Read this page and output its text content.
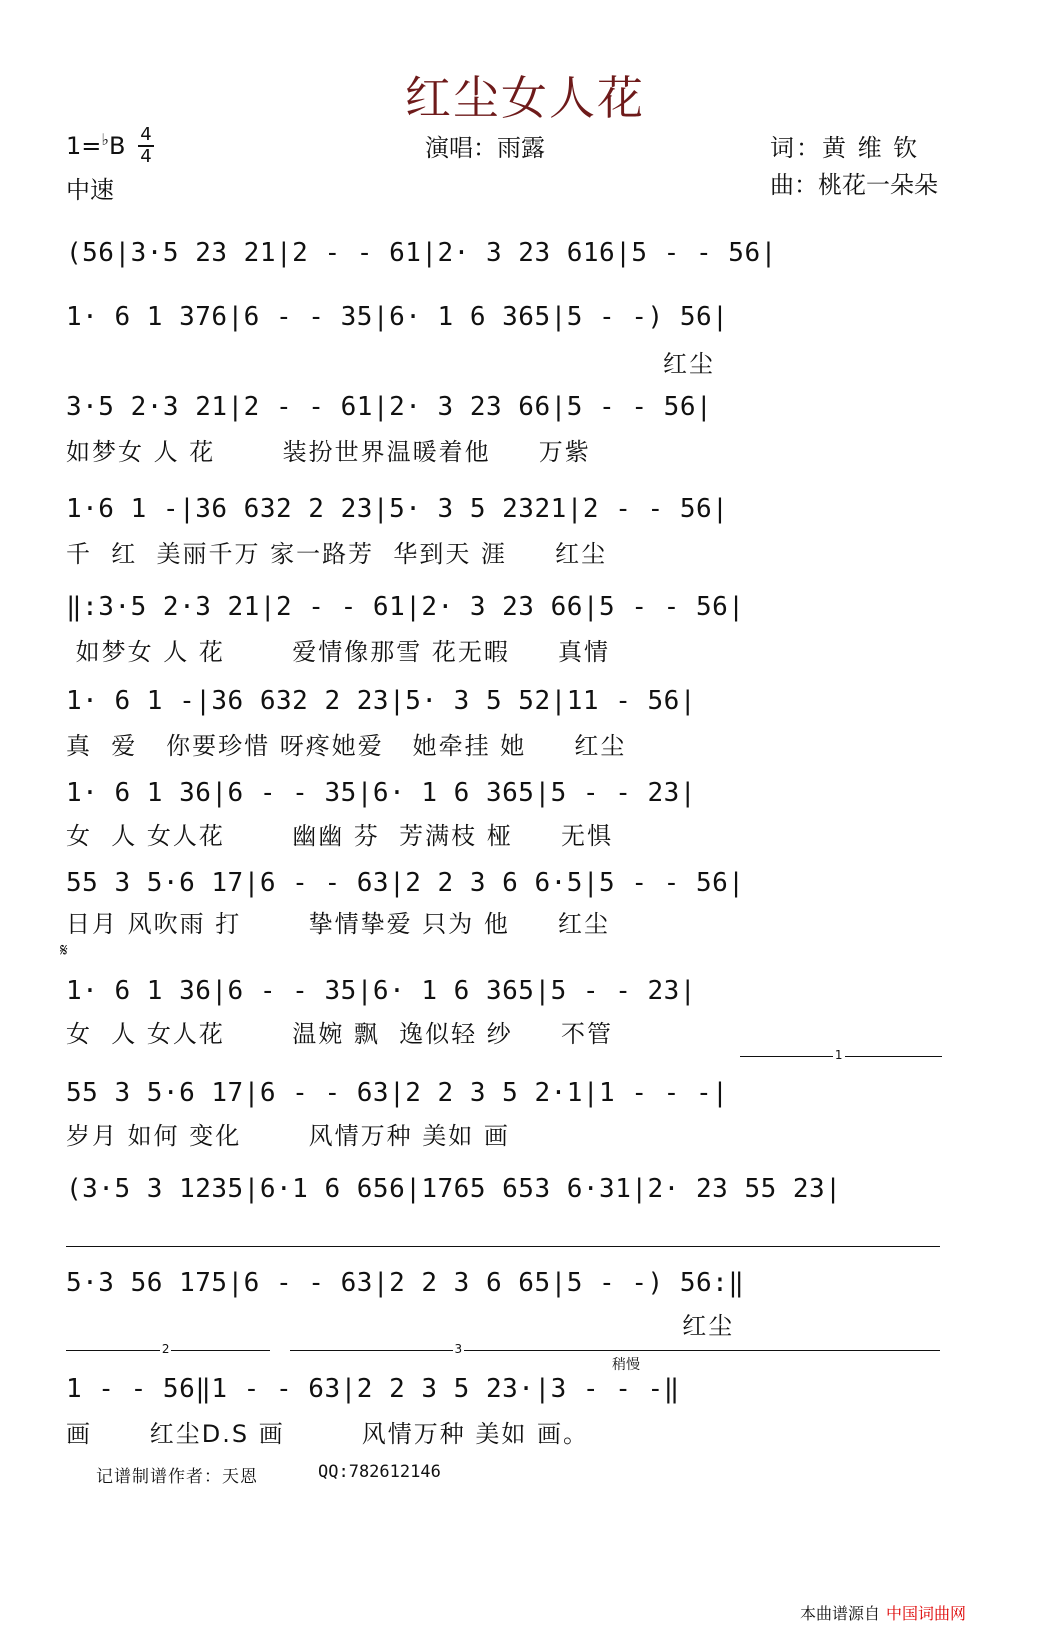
红尘女人花
1=♭B 4
4
中速
演唱：雨露	词：黄 维 钦
曲：桃花一朵朵
(56|3·5 23 21|2 - - 61|2· 3 23 616|5 - - 56|
1· 6 1 376|6 - - 35|6· 1 6 365|5 - -) 56|
红尘
3·5 2·3 21|2 - - 61|2· 3 23 66|5 - - 56|
如梦女 人 花       装扮世界温暖着他     万紫
1·6 1 -|36 632 2 23|5· 3 5 2321|2 - - 56|
千  红  美丽千万 家一路芳  华到天 涯     红尘
‖:3·5 2·3 21|2 - - 61|2· 3 23 66|5 - - 56|
如梦女 人 花       爱情像那雪 花无暇     真情
1· 6 1 -|36 632 2 23|5· 3 5 52|11 - 56|
真  爱   你要珍惜 呀疼她爱   她牵挂 她     红尘
1· 6 1 36|6 - - 35|6· 1 6 365|5 - - 23|
女  人 女人花       幽幽 芬  芳满枝 桠     无惧
55 3 5·6 17|6 - - 63|2 2 3 6 6·5|5 - - 56|
日月 风吹雨 打       挚情挚爱 只为 他     红尘
𝄋
1· 6 1 36|6 - - 35|6· 1 6 365|5 - - 23|
女  人 女人花       温婉 飘  逸似轻 纱     不管
1
55 3 5·6 17|6 - - 63|2 2 3 5 2·1|1 - - -|
岁月 如何 变化       风情万种 美如 画
(3·5 3 1235|6·1 6 656|1765 653 6·31|2· 23 55 23|
5·3 56 175|6 - - 63|2 2 3 6 65|5 - -) 56:‖
红尘
2	3
稍慢
1 - - 56‖1 - - 63|2 2 3 5 23·|3 - - -‖
画      红尘D.S 画        风情万种 美如 画。
记谱制谱作者：天恩	QQ:782612146
本曲谱源自 中国词曲网
